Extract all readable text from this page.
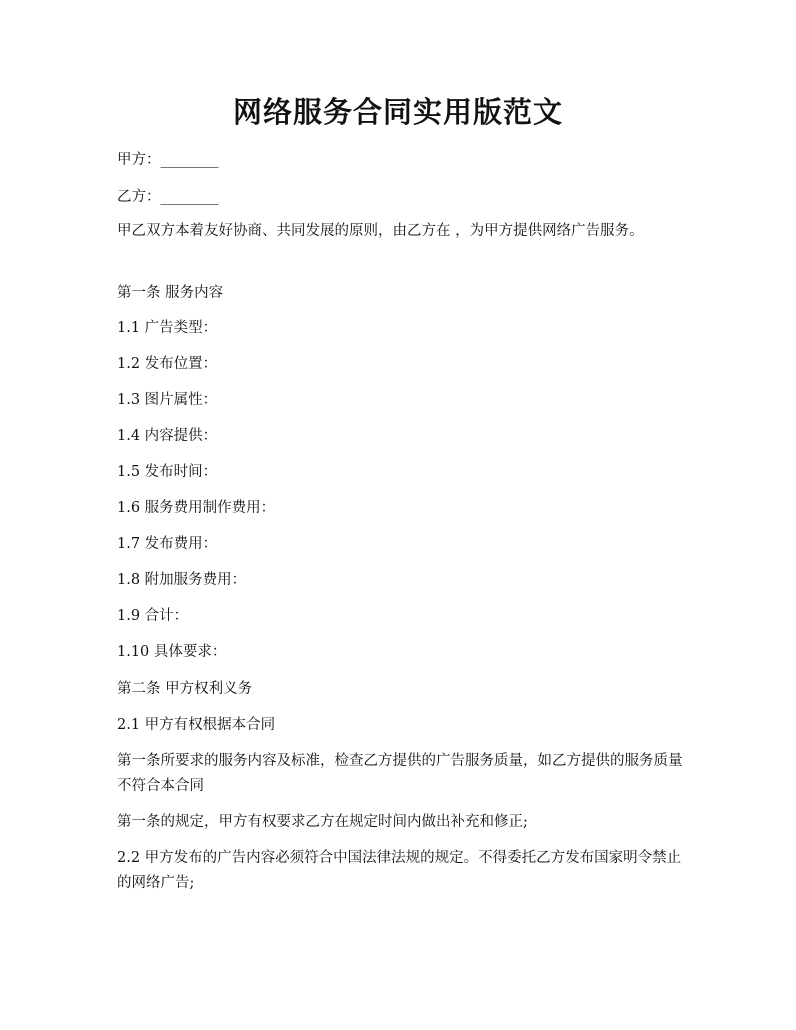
网络服务合同实用版范文

甲方：________

乙方：________

甲乙双方本着友好协商、共同发展的原则，由乙方在 ，为甲方提供网络广告服务。

第一条 服务内容

1.1 广告类型：

1.2 发布位置：

1.3 图片属性：

1.4 内容提供：

1.5 发布时间：

1.6 服务费用制作费用：

1.7 发布费用：

1.8 附加服务费用：

1.9 合计：

1.10 具体要求：

第二条 甲方权利义务

2.1 甲方有权根据本合同

第一条所要求的服务内容及标准，检查乙方提供的广告服务质量，如乙方提供的服务质量不符合本合同

第一条的规定，甲方有权要求乙方在规定时间内做出补充和修正;

2.2 甲方发布的广告内容必须符合中国法律法规的规定。不得委托乙方发布国家明令禁止的网络广告;
